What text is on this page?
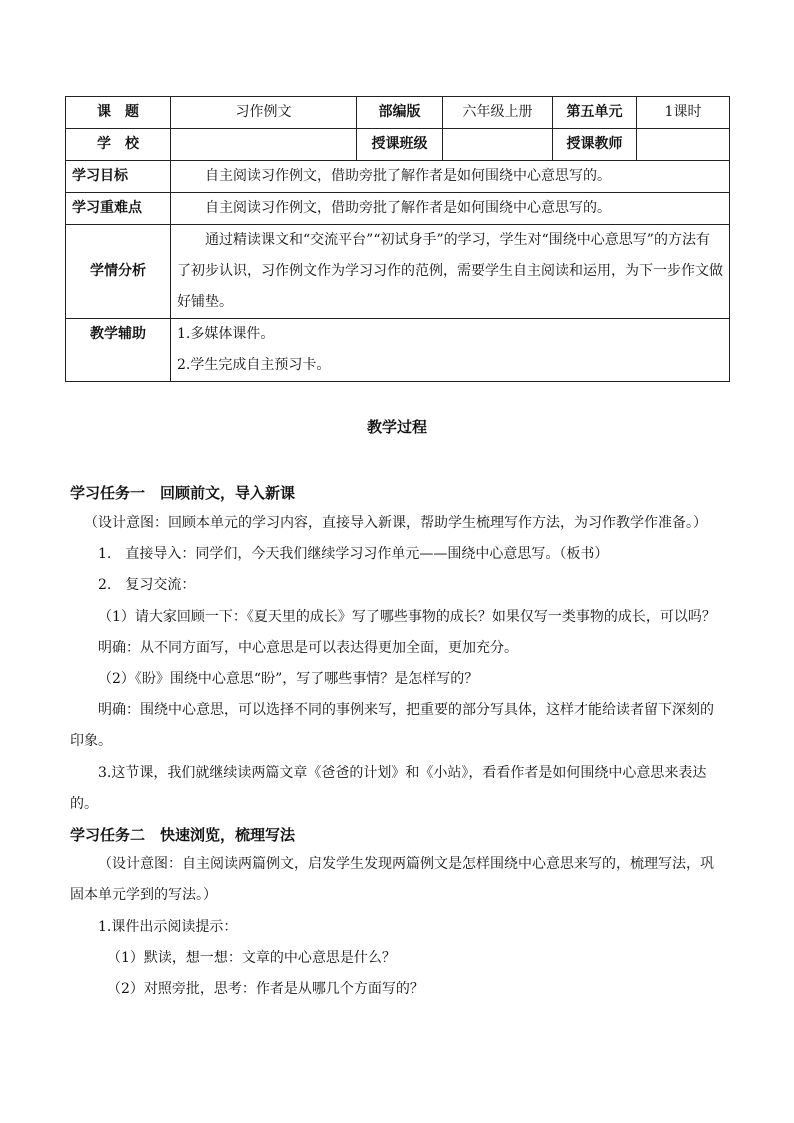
课　题	习作例文	部编版	六年级上册	第五单元	1课时
学　校		授课班级		授课教师	
学习目标	自主阅读习作例文，借助旁批了解作者是如何围绕中心意思写的。				
学习重难点	自主阅读习作例文，借助旁批了解作者是如何围绕中心意思写的。				
学情分析	通过精读课文和“交流平台”“初试身手”的学习，学生对“围绕中心意思写”的方法有了初步认识，习作例文作为学习习作的范例，需要学生自主阅读和运用，为下一步作文做好铺垫。				

教学辅助	1.多媒体课件。
2.学生完成自主预习卡。				
教学过程
学习任务一　回顾前文，导入新课
（设计意图：回顾本单元的学习内容，直接导入新课，帮助学生梳理写作方法，为习作教学作准备。）
1.　直接导入：同学们，今天我们继续学习习作单元——围绕中心意思写。（板书）
2.　复习交流：
（1）请大家回顾一下：《夏天里的成长》写了哪些事物的成长？如果仅写一类事物的成长，可以吗？
明确：从不同方面写，中心意思是可以表达得更加全面，更加充分。
（2）《盼》围绕中心意思“盼”，写了哪些事情？是怎样写的？
明确：围绕中心意思，可以选择不同的事例来写，把重要的部分写具体，这样才能给读者留下深刻的印象。
3.这节课，我们就继续读两篇文章《爸爸的计划》和《小站》，看看作者是如何围绕中心意思来表达的。
学习任务二　快速浏览，梳理写法
（设计意图：自主阅读两篇例文，启发学生发现两篇例文是怎样围绕中心意思来写的，梳理写法，巩固本单元学到的写法。）
1.课件出示阅读提示：
（1）默读，想一想：文章的中心意思是什么？
（2）对照旁批，思考：作者是从哪几个方面写的？
